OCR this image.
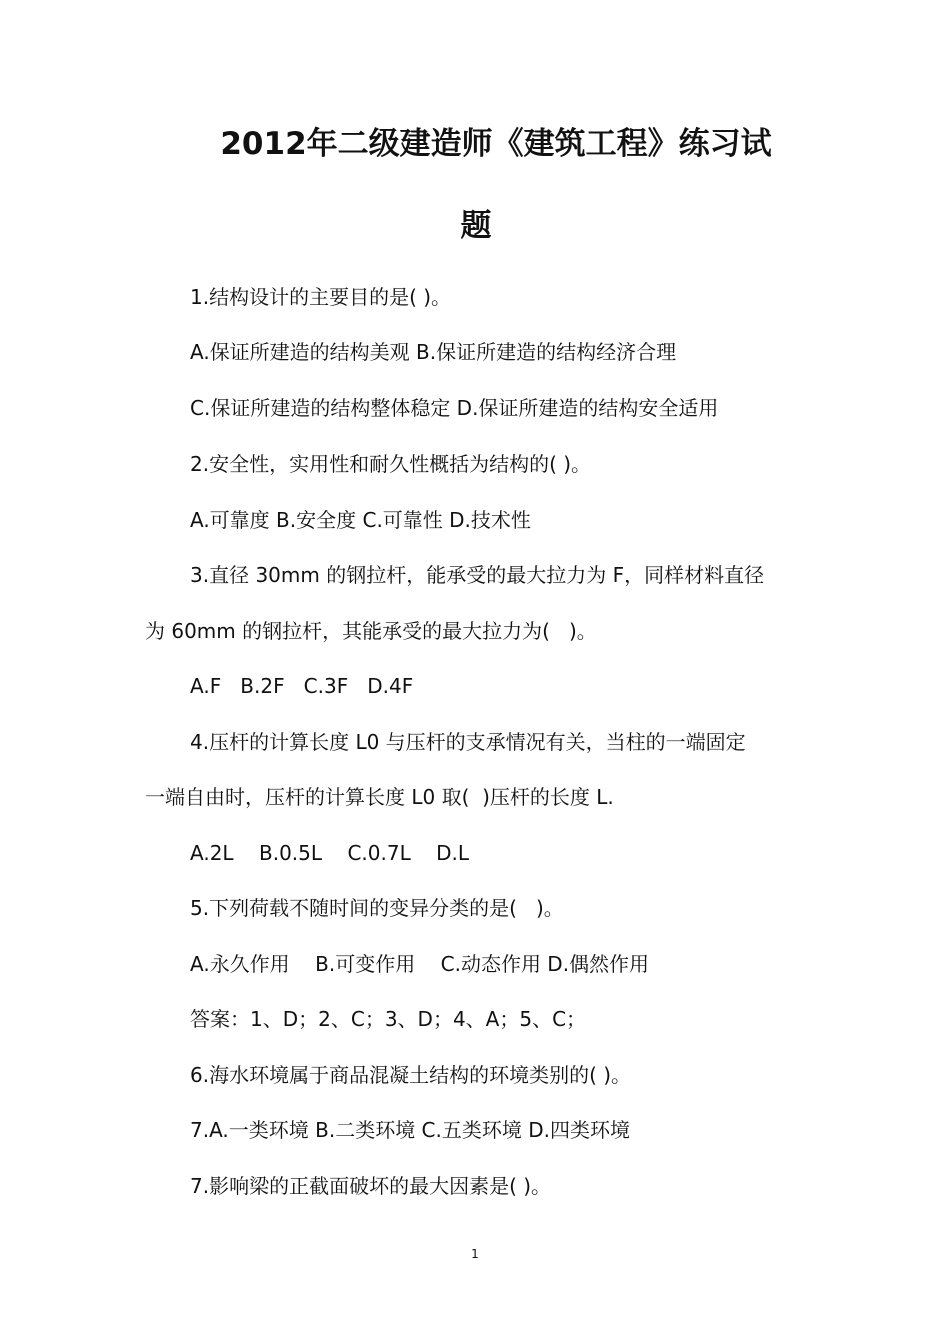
2012年二级建造师《建筑工程》练习试
题
1.结构设计的主要目的是( )。
A.保证所建造的结构美观 B.保证所建造的结构经济合理
C.保证所建造的结构整体稳定 D.保证所建造的结构安全适用
2.安全性，实用性和耐久性概括为结构的( )。
A.可靠度 B.安全度 C.可靠性 D.技术性
3.直径 30mm 的钢拉杆，能承受的最大拉力为 F，同样材料直径
为 60mm 的钢拉杆，其能承受的最大拉力为(   )。
A.F   B.2F   C.3F   D.4F
4.压杆的计算长度 L0 与压杆的支承情况有关，当柱的一端固定
一端自由时，压杆的计算长度 L0 取(  )压杆的长度 L.
A.2L    B.0.5L    C.0.7L    D.L
5.下列荷载不随时间的变异分类的是(   )。
A.永久作用    B.可变作用    C.动态作用 D.偶然作用
答案：1、D；2、C；3、D；4、A；5、C；
6.海水环境属于商品混凝土结构的环境类别的( )。
7.A.一类环境 B.二类环境 C.五类环境 D.四类环境
7.影响梁的正截面破坏的最大因素是( )。
1
